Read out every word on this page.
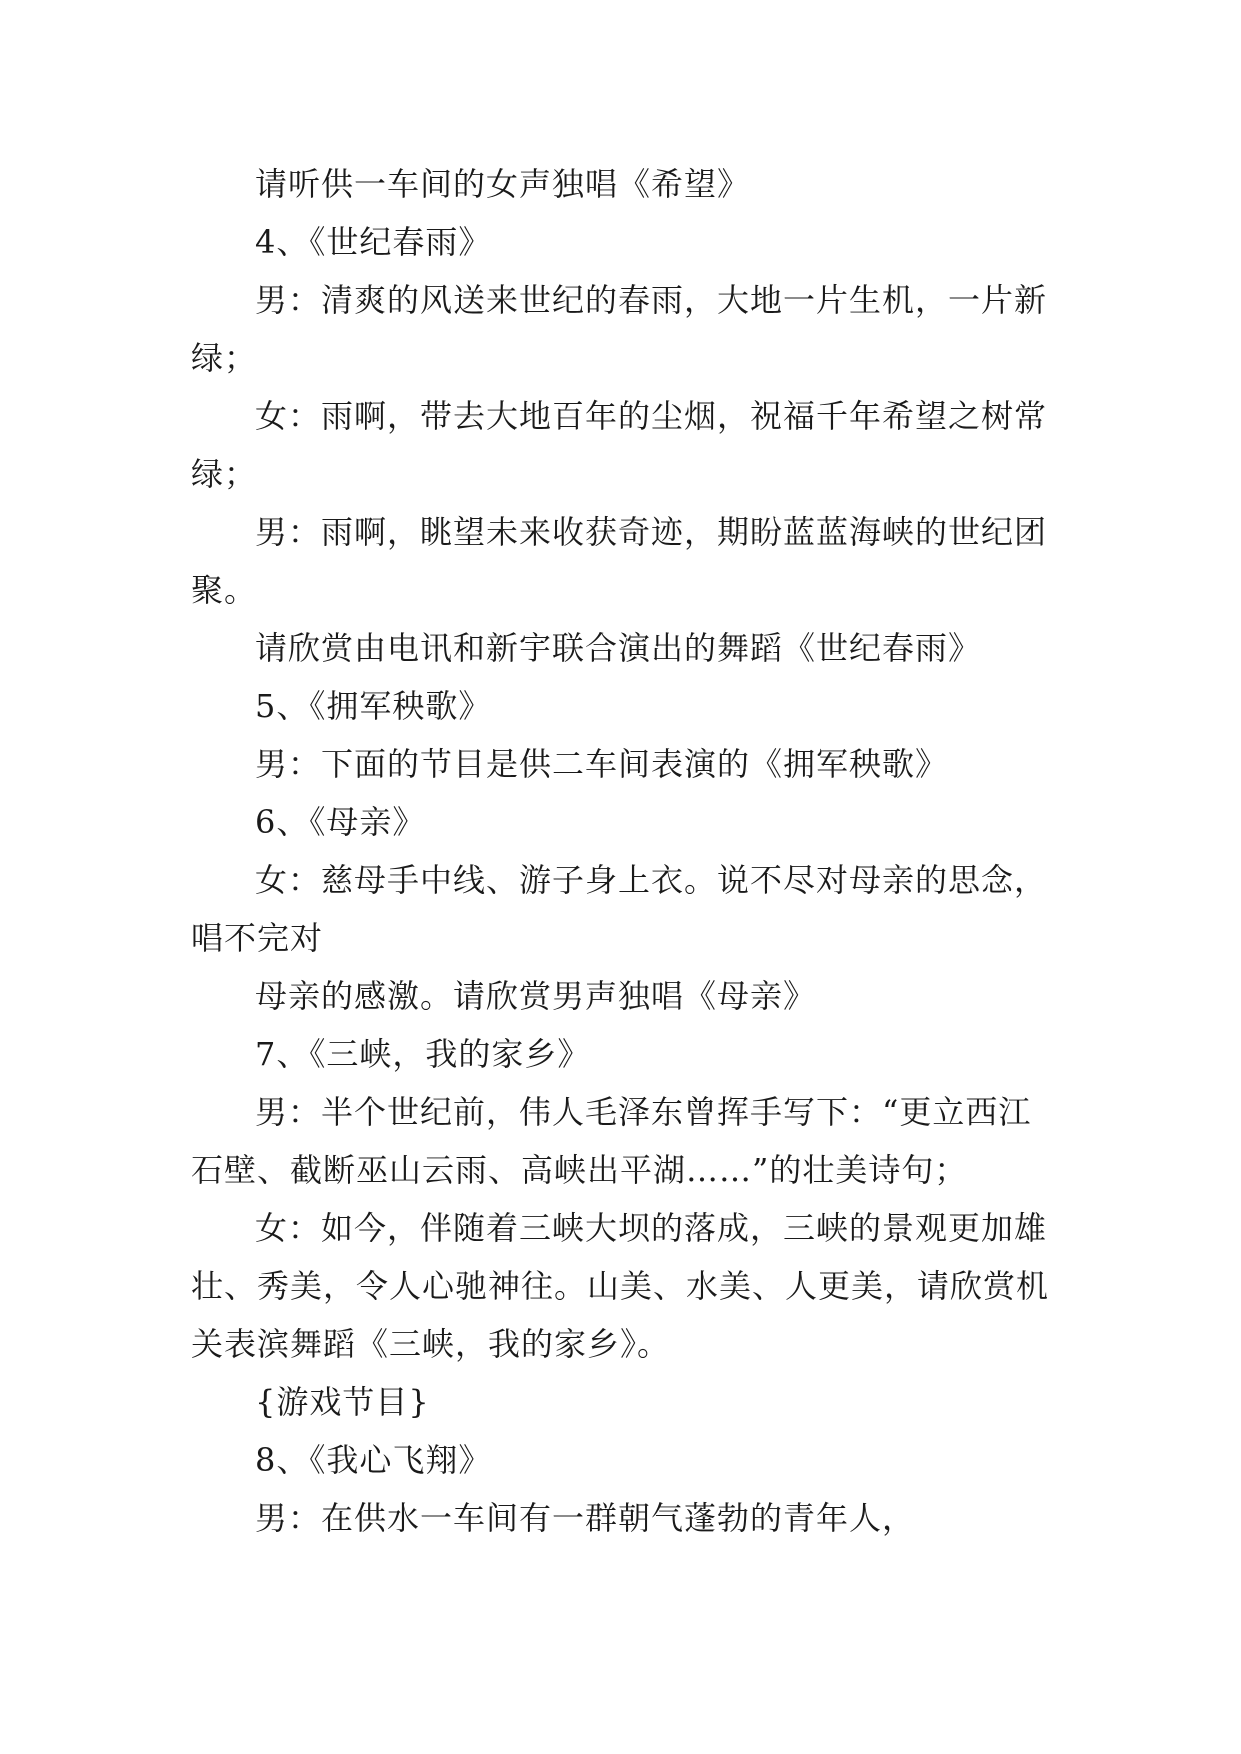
请听供一车间的女声独唱《希望》

4、《世纪春雨》

男：清爽的风送来世纪的春雨，大地一片生机，一片新绿；

女：雨啊，带去大地百年的尘烟，祝福千年希望之树常绿；

男：雨啊，眺望未来收获奇迹，期盼蓝蓝海峡的世纪团聚。

请欣赏由电讯和新宇联合演出的舞蹈《世纪春雨》

5、《拥军秧歌》

男：下面的节目是供二车间表演的《拥军秧歌》

6、《母亲》

女：慈母手中线、游子身上衣。说不尽对母亲的思念，

唱不完对

母亲的感激。请欣赏男声独唱《母亲》

7、《三峡，我的家乡》

男：半个世纪前，伟人毛泽东曾挥手写下：“更立西江石壁、截断巫山云雨、高峡出平湖……”的壮美诗句；

女：如今，伴随着三峡大坝的落成，三峡的景观更加雄壮、秀美，令人心驰神往。山美、水美、人更美，请欣赏机关表滨舞蹈《三峡，我的家乡》。

{游戏节目}

8、《我心飞翔》

男：在供水一车间有一群朝气蓬勃的青年人，
